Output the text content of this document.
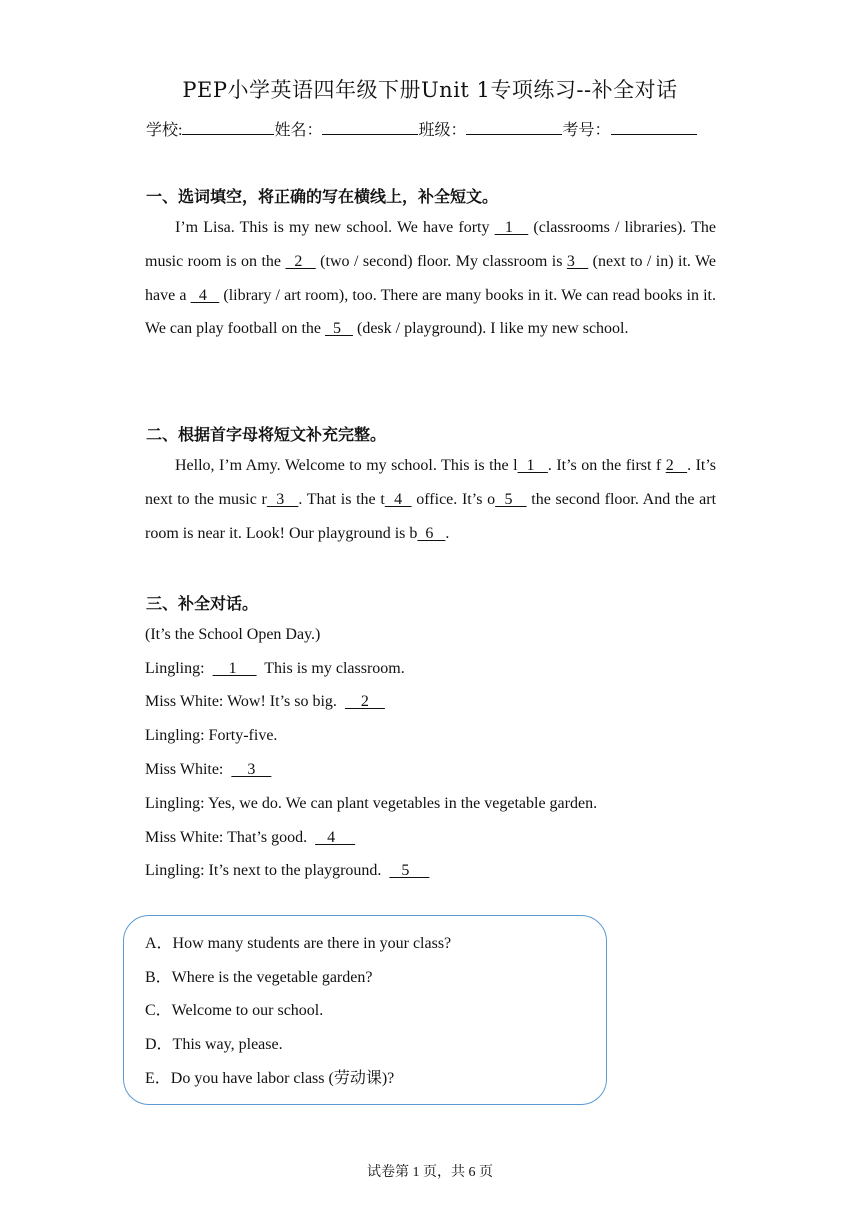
PEP小学英语四年级下册Unit 1专项练习--补全对话
学校:	姓名：	班级：	考号：
一、选词填空，将正确的写在横线上，补全短文。

I’m Lisa. This is my new school. We have forty   1    (classrooms / libraries). The music room is on the   2    (two / second) floor. My classroom is 3    (next to / in) it. We have a   4    (library / art room), too. There are many books in it. We can read books in it. We can play football on the   5    (desk / playground). I like my new school.

二、根据首字母将短文补充完整。

Hello, I’m Amy. Welcome to my school. This is the l  1   . It’s on the first f 2   . It’s next to the music r  3   . That is the t  4   office. It’s o  5    the second floor. And the art room is near it. Look! Our playground is b  6   .

三、补全对话。
(It’s the School Open Day.)
Lingling:      1       This is my classroom.
Miss White: Wow! It’s so big.      2
Lingling: Forty-five.
Miss White:      3
Lingling: Yes, we do. We can plant vegetables in the vegetable garden.
Miss White: That’s good.     4
Lingling: It’s next to the playground.     5
A．How many students are there in your class?
B．Where is the vegetable garden?
C．Welcome to our school.
D．This way, please.
E．Do you have labor class (劳动课)?
试卷第 1 页，共 6 页
